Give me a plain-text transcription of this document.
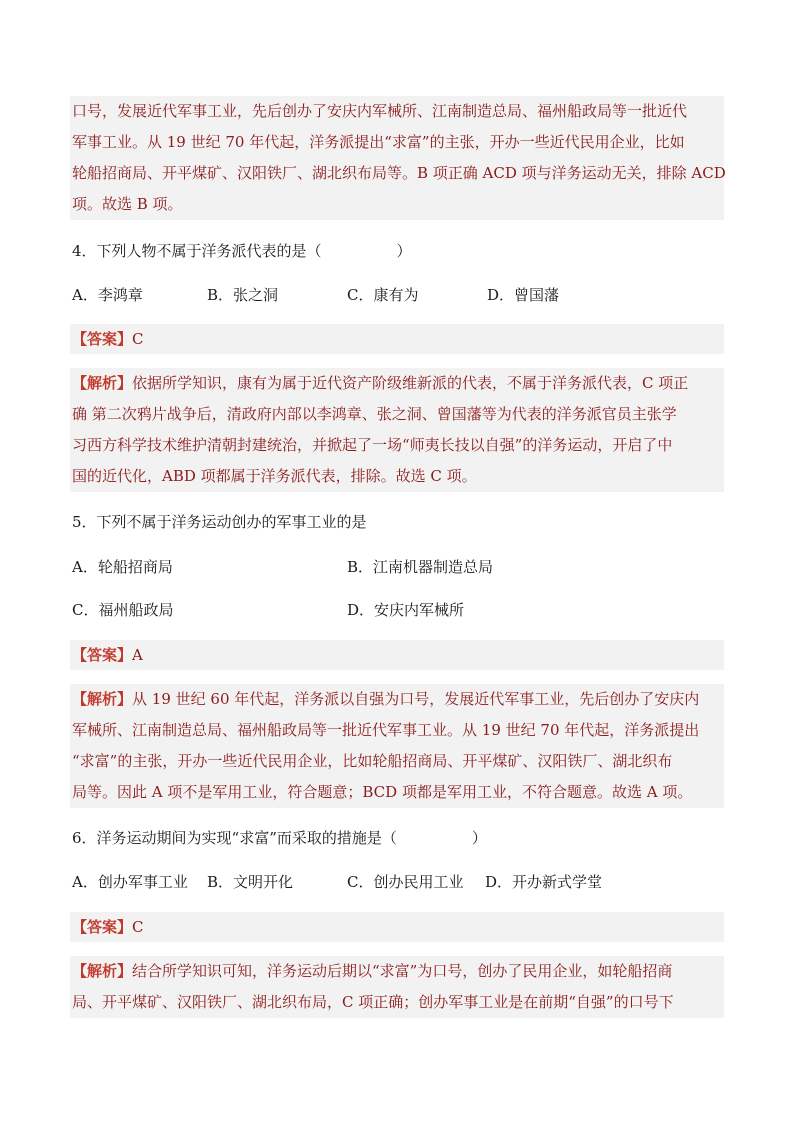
口号，发展近代军事工业，先后创办了安庆内军械所、江南制造总局、福州船政局等一批近代

军事工业。从 19 世纪 70 年代起，洋务派提出“求富”的主张，开办一些近代民用企业，比如

轮船招商局、开平煤矿、汉阳铁厂、湖北织布局等。B 项正确 ACD 项与洋务运动无关，排除 ACD

项。故选 B 项。

4．下列人物不属于洋务派代表的是（　　　　　）
A．李鸿章	B．张之洞	C．康有为	D．曾国藩
【答案】C

【解析】依据所学知识，康有为属于近代资产阶级维新派的代表，不属于洋务派代表，C 项正

确 第二次鸦片战争后，清政府内部以李鸿章、张之洞、曾国藩等为代表的洋务派官员主张学

习西方科学技术维护清朝封建统治，并掀起了一场“师夷长技以自强”的洋务运动，开启了中

国的近代化，ABD 项都属于洋务派代表，排除。故选 C 项。

5．下列不属于洋务运动创办的军事工业的是
A．轮船招商局	B．江南机器制造总局
C．福州船政局	D．安庆内军械所
【答案】A

【解析】从 19 世纪 60 年代起，洋务派以自强为口号，发展近代军事工业，先后创办了安庆内

军械所、江南制造总局、福州船政局等一批近代军事工业。从 19 世纪 70 年代起，洋务派提出

“求富”的主张，开办一些近代民用企业，比如轮船招商局、开平煤矿、汉阳铁厂、湖北织布

局等。因此 A 项不是军用工业，符合题意；BCD 项都是军用工业，不符合题意。故选 A 项。

6．洋务运动期间为实现“求富”而采取的措施是（　　　　　）
A．创办军事工业 B．文明开化	C．创办民用工业 D．开办新式学堂
【答案】C

【解析】结合所学知识可知，洋务运动后期以“求富”为口号，创办了民用企业，如轮船招商

局、开平煤矿、汉阳铁厂、湖北织布局，C 项正确；创办军事工业是在前期“自强”的口号下
